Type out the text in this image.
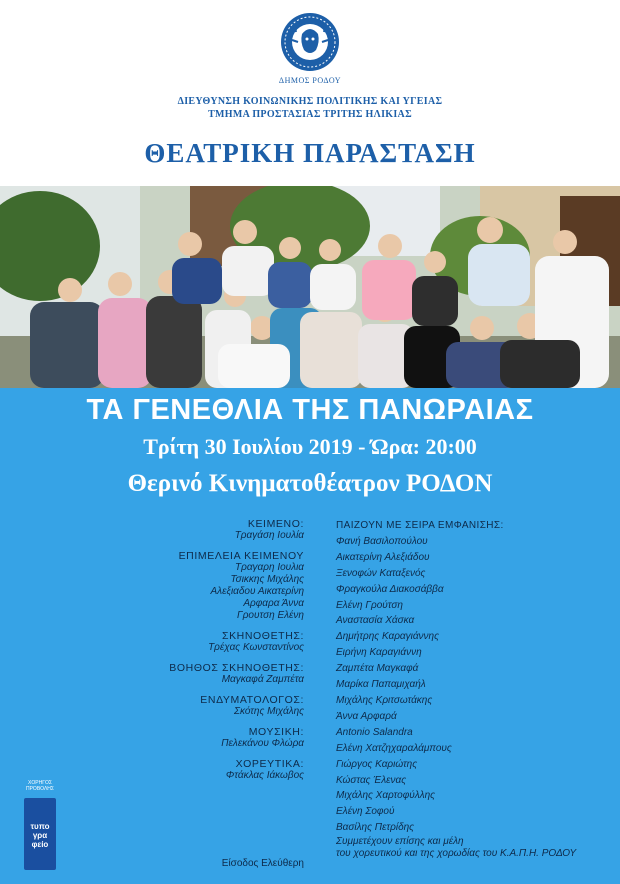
ΔΗΜΟΣ ΡΟΔΟΥ
ΔΙΕΥΘΥΝΣΗ ΚΟΙΝΩΝΙΚΗΣ ΠΟΛΙΤΙΚΗΣ ΚΑΙ ΥΓΕΙΑΣ
ΤΜΗΜΑ ΠΡΟΣΤΑΣΙΑΣ ΤΡΙΤΗΣ ΗΛΙΚΙΑΣ
ΘΕΑΤΡΙΚΗ ΠΑΡΑΣΤΑΣΗ
ΤΑ ΓΕΝΕΘΛΙΑ ΤΗΣ ΠΑΝΩΡΑΙΑΣ
Τρίτη 30 Ιουλίου 2019 - Ώρα: 20:00
Θερινό Κινηματοθέατρον ΡΟΔΟΝ
ΚΕΙΜΕΝΟ:
Τραγάση Ιουλία
ΕΠΙΜΕΛΕΙΑ ΚΕΙΜΕΝΟΥ
Τραγαρη Ιουλια
Τσικκης Μιχάλης
Αλεξιαδου Αικατερίνη
Αρφαρα Άννα
Γρουτση Ελένη
ΣΚΗΝΟΘΕΤΗΣ:
Τρέχας Κωνσταντίνος
ΒΟΗΘΟΣ ΣΚΗΝΟΘΕΤΗΣ:
Μαγκαφά Ζαμπέτα
ΕΝΔΥΜΑΤΟΛΟΓΟΣ:
Σκότης Μιχάλης
ΜΟΥΣΙΚΗ:
Πελεκάνου Φλώρα
ΧΟΡΕΥΤΙΚΑ:
Φτάκλας Ιάκωβος
Είσοδος Ελεύθερη
ΠΑΙΖΟΥΝ ΜΕ ΣΕΙΡΑ ΕΜΦΑΝΙΣΗΣ:
Φανή Βασιλοπούλου
Αικατερίνη Αλεξιάδου
Ξενοφών Καταξενός
Φραγκούλα Διακοσάββα
Ελένη Γρούτση
Αναστασία Χάσκα
Δημήτρης Καραγιάννης
Ειρήνη Καραγιάννη
Ζαμπέτα Μαγκαφά
Μαρίκα Παπαμιχαήλ
Μιχάλης Κριτσωτάκης
Άννα Αρφαρά
Antonio Salandra
Ελένη Χατζηχαραλάμπους
Γιώργος Καριώτης
Κώστας Έλενας
Μιχάλης Χαρτοφύλλης
Ελένη Σοφού
Βασίλης Πετρίδης
Συμμετέχουν επίσης και μέλη
του χορευτικού και της χορωδίας του Κ.Α.Π.Η. ΡΟΔΟΥ
ΧΟΡΗΓΟΣ
ΠΡΟΒΟΛΗΣ
τυπο
γρα
φείο
